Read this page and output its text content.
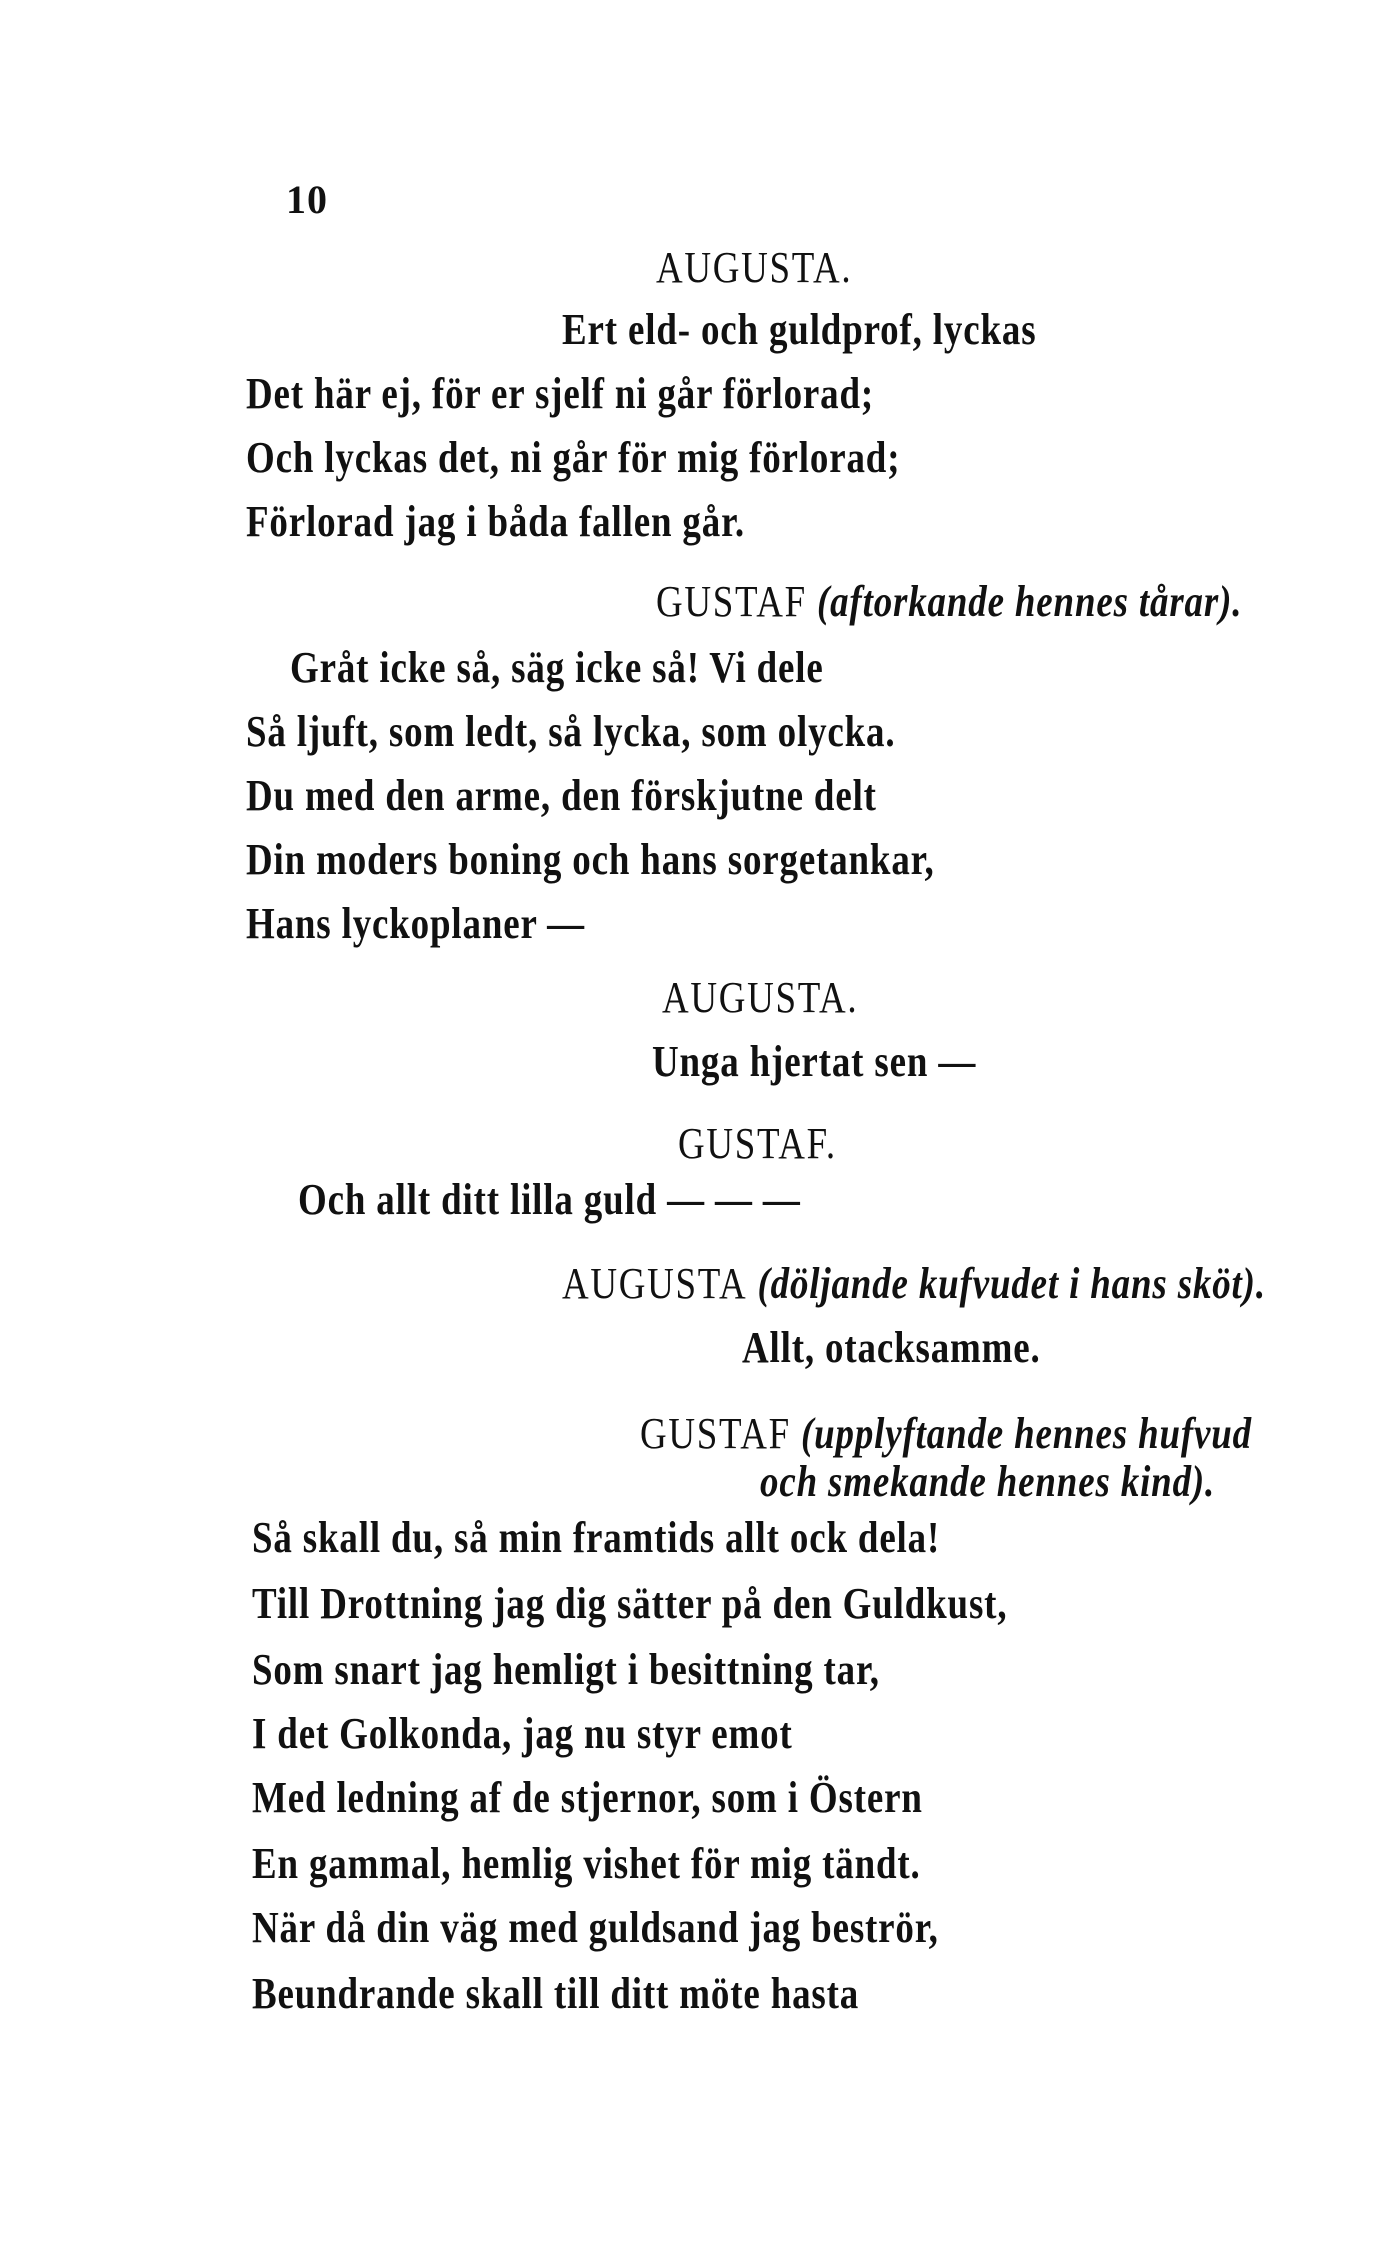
10
AUGUSTA.
Ert eld- och guldprof, lyckas
Det här ej, för er sjelf ni går förlorad;
Och lyckas det, ni går för mig förlorad;
Förlorad jag i båda fallen går.
GUSTAF (aftorkande hennes tårar).
Gråt icke så, säg icke så! Vi dele
Så ljuft, som ledt, så lycka, som olycka.
Du med den arme, den förskjutne delt
Din moders boning och hans sorgetankar,
Hans lyckoplaner —
AUGUSTA.
Unga hjertat sen —
GUSTAF.
Och allt ditt lilla guld — — —
AUGUSTA (döljande kufvudet i hans sköt).
Allt, otacksamme.
GUSTAF (upplyftande hennes hufvud
och smekande hennes kind).
Så skall du, så min framtids allt ock dela!
Till Drottning jag dig sätter på den Guldkust,
Som snart jag hemligt i besittning tar,
I det Golkonda, jag nu styr emot
Med ledning af de stjernor, som i Östern
En gammal, hemlig vishet för mig tändt.
När då din väg med guldsand jag beströr,
Beundrande skall till ditt möte hasta
